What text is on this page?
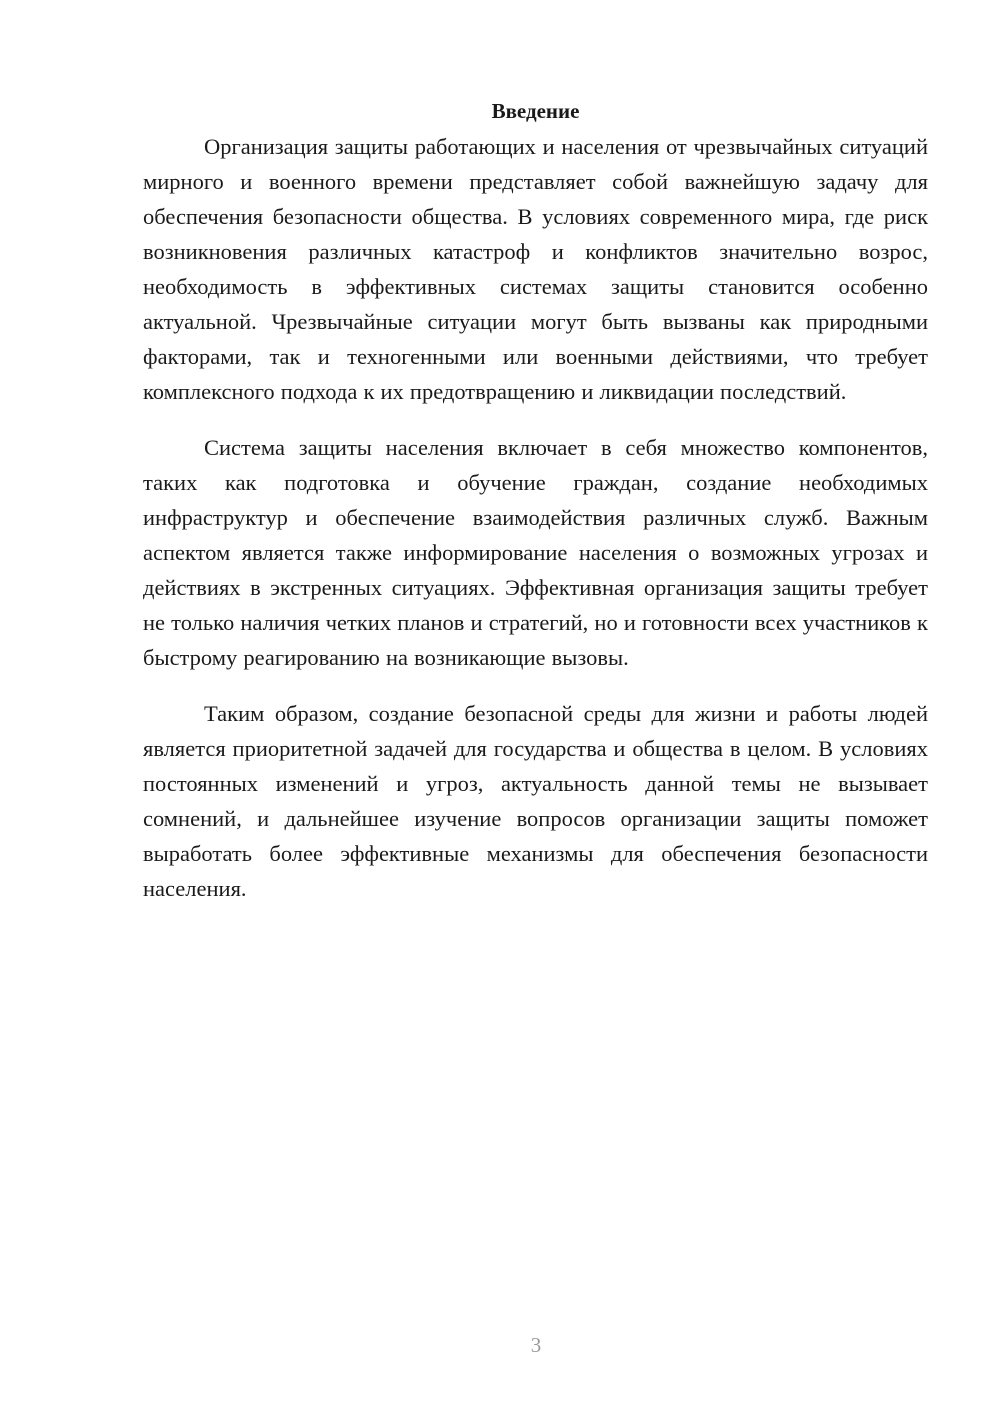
Введение

Организация защиты работающих и населения от чрезвычайных ситуаций мирного и военного времени представляет собой важнейшую задачу для обеспечения безопасности общества. В условиях современного мира, где риск возникновения различных катастроф и конфликтов значительно возрос, необходимость в эффективных системах защиты становится особенно актуальной. Чрезвычайные ситуации могут быть вызваны как природными факторами, так и техногенными или военными действиями, что требует комплексного подхода к их предотвращению и ликвидации последствий.

Система защиты населения включает в себя множество компонентов, таких как подготовка и обучение граждан, создание необходимых инфраструктур и обеспечение взаимодействия различных служб. Важным аспектом является также информирование населения о возможных угрозах и действиях в экстренных ситуациях. Эффективная организация защиты требует не только наличия четких планов и стратегий, но и готовности всех участников к быстрому реагированию на возникающие вызовы.

Таким образом, создание безопасной среды для жизни и работы людей является приоритетной задачей для государства и общества в целом. В условиях постоянных изменений и угроз, актуальность данной темы не вызывает сомнений, и дальнейшее изучение вопросов организации защиты поможет выработать более эффективные механизмы для обеспечения безопасности населения.

3
